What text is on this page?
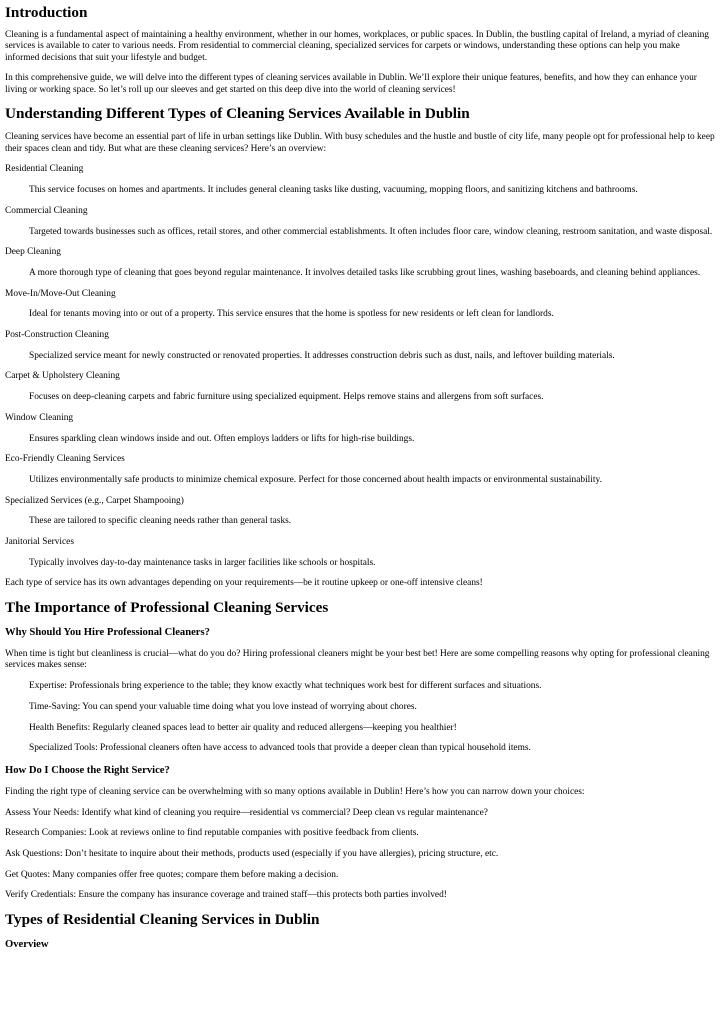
Introduction

Cleaning is a fundamental aspect of maintaining a healthy environment, whether in our homes, workplaces, or public spaces. In Dublin, the bustling capital of Ireland, a myriad of cleaning services is available to cater to various needs. From residential to commercial cleaning, specialized services for carpets or windows, understanding these options can help you make informed decisions that suit your lifestyle and budget.

In this comprehensive guide, we will delve into the different types of cleaning services available in Dublin. We’ll explore their unique features, benefits, and how they can enhance your living or working space. So let’s roll up our sleeves and get started on this deep dive into the world of cleaning services!

Understanding Different Types of Cleaning Services Available in Dublin

Cleaning services have become an essential part of life in urban settings like Dublin. With busy schedules and the hustle and bustle of city life, many people opt for professional help to keep their spaces clean and tidy. But what are these cleaning services? Here’s an overview:

Residential Cleaning
This service focuses on homes and apartments. It includes general cleaning tasks like dusting, vacuuming, mopping floors, and sanitizing kitchens and bathrooms.
Commercial Cleaning
Targeted towards businesses such as offices, retail stores, and other commercial establishments. It often includes floor care, window cleaning, restroom sanitation, and waste disposal.
Deep Cleaning
A more thorough type of cleaning that goes beyond regular maintenance. It involves detailed tasks like scrubbing grout lines, washing baseboards, and cleaning behind appliances.
Move-In/Move-Out Cleaning
Ideal for tenants moving into or out of a property. This service ensures that the home is spotless for new residents or left clean for landlords.
Post-Construction Cleaning
Specialized service meant for newly constructed or renovated properties. It addresses construction debris such as dust, nails, and leftover building materials.
Carpet & Upholstery Cleaning
Focuses on deep-cleaning carpets and fabric furniture using specialized equipment. Helps remove stains and allergens from soft surfaces.
Window Cleaning
Ensures sparkling clean windows inside and out. Often employs ladders or lifts for high-rise buildings.
Eco-Friendly Cleaning Services
Utilizes environmentally safe products to minimize chemical exposure. Perfect for those concerned about health impacts or environmental sustainability.
Specialized Services (e.g., Carpet Shampooing)
These are tailored to specific cleaning needs rather than general tasks.
Janitorial Services
Typically involves day-to-day maintenance tasks in larger facilities like schools or hospitals.

Each type of service has its own advantages depending on your requirements—be it routine upkeep or one-off intensive cleans!

The Importance of Professional Cleaning Services
Why Should You Hire Professional Cleaners?

When time is tight but cleanliness is crucial—what do you do? Hiring professional cleaners might be your best bet! Here are some compelling reasons why opting for professional cleaning services makes sense:

Expertise: Professionals bring experience to the table; they know exactly what techniques work best for different surfaces and situations.
Time-Saving: You can spend your valuable time doing what you love instead of worrying about chores.
Health Benefits: Regularly cleaned spaces lead to better air quality and reduced allergens—keeping you healthier!
Specialized Tools: Professional cleaners often have access to advanced tools that provide a deeper clean than typical household items.
How Do I Choose the Right Service?

Finding the right type of cleaning service can be overwhelming with so many options available in Dublin! Here’s how you can narrow down your choices:

Assess Your Needs: Identify what kind of cleaning you require—residential vs commercial? Deep clean vs regular maintenance?

Research Companies: Look at reviews online to find reputable companies with positive feedback from clients.

Ask Questions: Don’t hesitate to inquire about their methods, products used (especially if you have allergies), pricing structure, etc.

Get Quotes: Many companies offer free quotes; compare them before making a decision.

Verify Credentials: Ensure the company has insurance coverage and trained staff—this protects both parties involved!

Types of Residential Cleaning Services in Dublin
Overview
